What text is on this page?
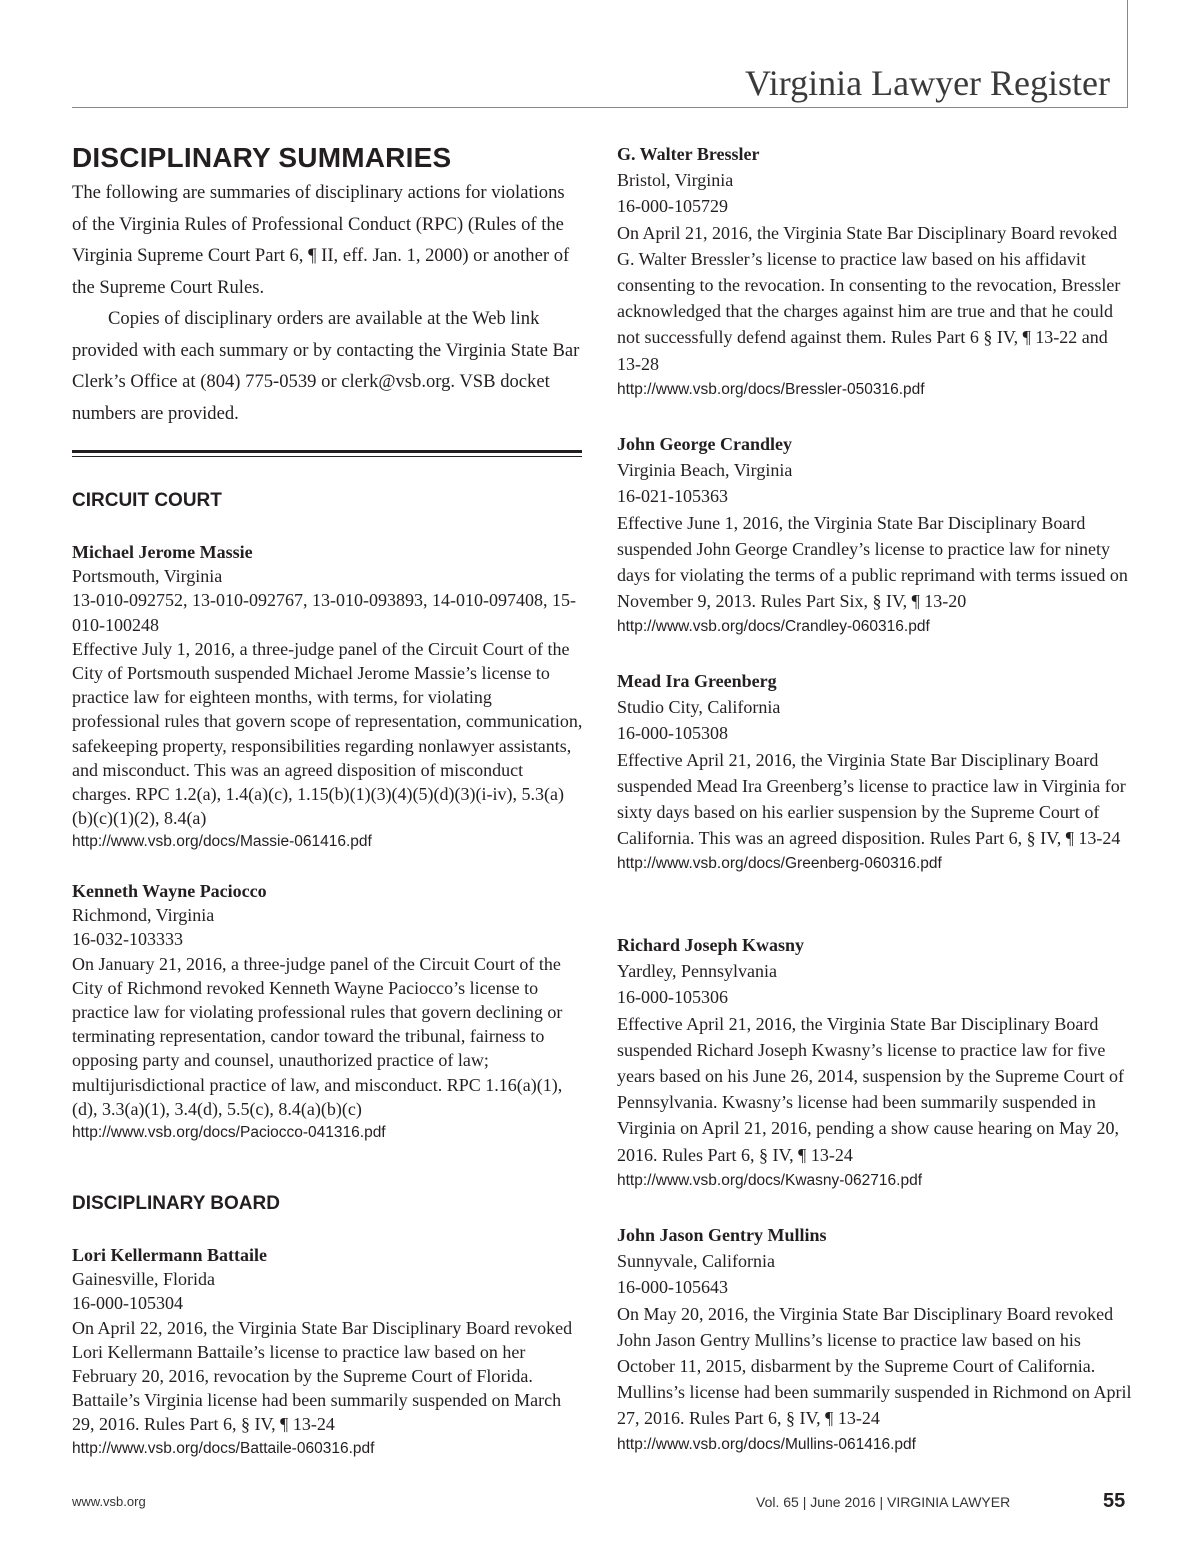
Virginia Lawyer Register
DISCIPLINARY SUMMARIES

The following are summaries of disciplinary actions for violations of the Virginia Rules of Professional Conduct (RPC) (Rules of the Virginia Supreme Court Part 6, ¶ II, eff. Jan. 1, 2000) or another of the Supreme Court Rules.

Copies of disciplinary orders are available at the Web link provided with each summary or by contacting the Virginia State Bar Clerk’s Office at (804) 775-0539 or clerk@vsb.org. VSB docket numbers are provided.

CIRCUIT COURT

Michael Jerome Massie

Portsmouth, Virginia

13-010-092752, 13-010-092767, 13-010-093893, 14-010-097408, 15-010-100248

Effective July 1, 2016, a three-judge panel of the Circuit Court of the City of Portsmouth suspended Michael Jerome Massie’s license to practice law for eighteen months, with terms, for violating professional rules that govern scope of representation, communication, safekeeping property, responsibilities regarding nonlawyer assistants, and misconduct. This was an agreed disposition of misconduct charges. RPC 1.2(a), 1.4(a)(c), 1.15(b)(1)(3)(4)(5)(d)(3)(i-iv), 5.3(a)(b)(c)(1)(2), 8.4(a)

http://www.vsb.org/docs/Massie-061416.pdf

Kenneth Wayne Paciocco

Richmond, Virginia

16-032-103333

On January 21, 2016, a three-judge panel of the Circuit Court of the City of Richmond revoked Kenneth Wayne Paciocco’s license to practice law for violating professional rules that govern declining or terminating representation, candor toward the tribunal, fairness to opposing party and counsel, unauthorized practice of law; multijurisdictional practice of law, and misconduct. RPC 1.16(a)(1),(d), 3.3(a)(1), 3.4(d), 5.5(c), 8.4(a)(b)(c)

http://www.vsb.org/docs/Paciocco-041316.pdf

DISCIPLINARY BOARD

Lori Kellermann Battaile

Gainesville, Florida

16-000-105304

On April 22, 2016, the Virginia State Bar Disciplinary Board revoked Lori Kellermann Battaile’s license to practice law based on her February 20, 2016, revocation by the Supreme Court of Florida. Battaile’s Virginia license had been summarily suspended on March 29, 2016. Rules Part 6, § IV, ¶ 13-24

http://www.vsb.org/docs/Battaile-060316.pdf

G. Walter Bressler

Bristol, Virginia

16-000-105729

On April 21, 2016, the Virginia State Bar Disciplinary Board revoked G. Walter Bressler’s license to practice law based on his affidavit consenting to the revocation. In consenting to the revocation, Bressler acknowledged that the charges against him are true and that he could not successfully defend against them. Rules Part 6 § IV, ¶ 13-22 and 13-28

http://www.vsb.org/docs/Bressler-050316.pdf

John George Crandley

Virginia Beach, Virginia

16-021-105363

Effective June 1, 2016, the Virginia State Bar Disciplinary Board suspended John George Crandley’s license to practice law for ninety days for violating the terms of a public reprimand with terms issued on November 9, 2013. Rules Part Six, § IV, ¶ 13-20

http://www.vsb.org/docs/Crandley-060316.pdf

Mead Ira Greenberg

Studio City, California

16-000-105308

Effective April 21, 2016, the Virginia State Bar Disciplinary Board suspended Mead Ira Greenberg’s license to practice law in Virginia for sixty days based on his earlier suspension by the Supreme Court of California. This was an agreed disposition. Rules Part 6, § IV, ¶ 13-24

http://www.vsb.org/docs/Greenberg-060316.pdf

Richard Joseph Kwasny

Yardley, Pennsylvania

16-000-105306

Effective April 21, 2016, the Virginia State Bar Disciplinary Board suspended Richard Joseph Kwasny’s license to practice law for five years based on his June 26, 2014, suspension by the Supreme Court of Pennsylvania. Kwasny’s license had been summarily suspended in Virginia on April 21, 2016, pending a show cause hearing on May 20, 2016. Rules Part 6, § IV, ¶ 13-24

http://www.vsb.org/docs/Kwasny-062716.pdf

John Jason Gentry Mullins

Sunnyvale, California

16-000-105643

On May 20, 2016, the Virginia State Bar Disciplinary Board revoked John Jason Gentry Mullins’s license to practice law based on his October 11, 2015, disbarment by the Supreme Court of California. Mullins’s license had been summarily suspended in Richmond on April 27, 2016. Rules Part 6, § IV, ¶ 13-24

http://www.vsb.org/docs/Mullins-061416.pdf

www.vsb.org	Vol. 65 | June 2016 | VIRGINIA LAWYER	55
